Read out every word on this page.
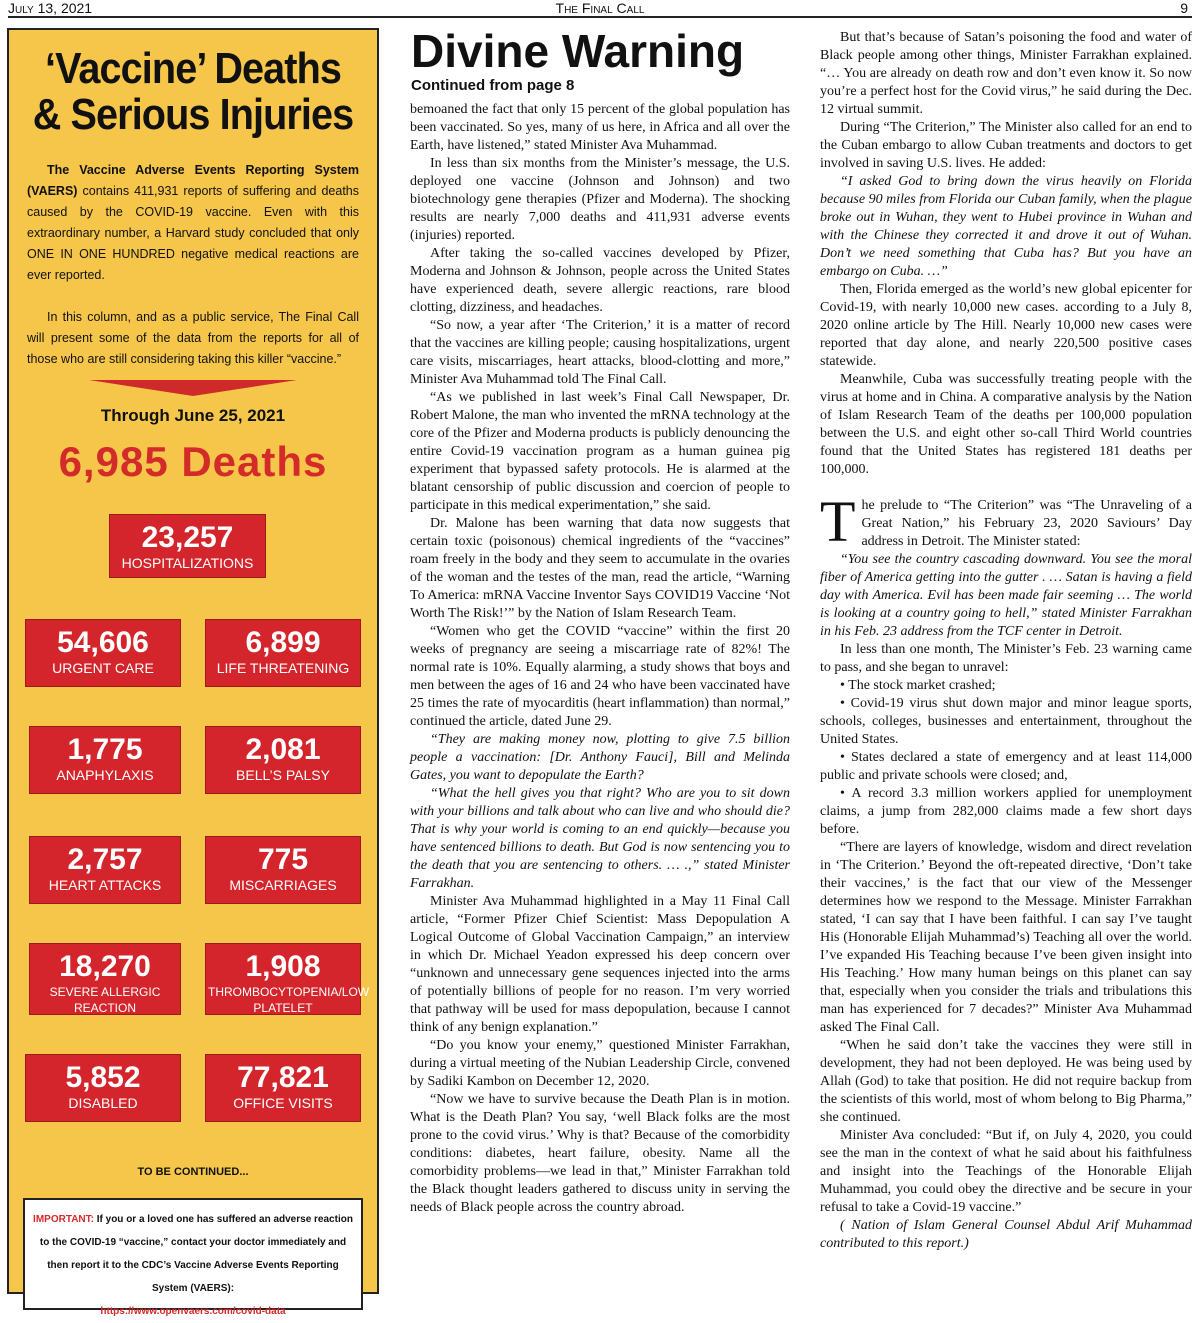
July 13, 2021	The Final Call	9
‘Vaccine’ Deaths
& Serious Injuries

The Vaccine Adverse Events Reporting System (VAERS) contains 411,931 reports of suffering and deaths caused by the COVID-19 vaccine. Even with this extraordinary number, a Harvard study concluded that only ONE IN ONE HUNDRED negative medical reactions are ever reported.

In this column, and as a public service, The Final Call will present some of the data from the reports for all of those who are still considering taking this killer “vaccine.”

Through June 25, 2021
6,985 Deaths
23,257
HOSPITALIZATIONS
54,606
URGENT CARE
6,899
LIFE THREATENING
1,775
ANAPHYLAXIS
2,081
BELL’S PALSY
2,757
HEART ATTACKS
775
MISCARRIAGES
18,270
SEVERE ALLERGIC REACTION
1,908
THROMBOCYTOPENIA/LOW PLATELET
5,852
DISABLED
77,821
OFFICE VISITS
TO BE CONTINUED...
IMPORTANT: If you or a loved one has suffered an adverse reaction to the COVID-19 “vaccine,” contact your doctor immediately and then report it to the CDC’s Vaccine Adverse Events Reporting System (VAERS):
https://www.openvaers.com/covid-data
Divine Warning
Continued from page 8

bemoaned the fact that only 15 percent of the global population has been vaccinated. So yes, many of us here, in Africa and all over the Earth, have listened,” stated Minister Ava Muhammad.

In less than six months from the Minister’s message, the U.S. deployed one vaccine (Johnson and Johnson) and two biotechnology gene therapies (Pfizer and Moderna). The shocking results are nearly 7,000 deaths and 411,931 adverse events (injuries) reported.

After taking the so-called vaccines developed by Pfizer, Moderna and Johnson & Johnson, people across the United States have experienced death, severe allergic reactions, rare blood clotting, dizziness, and headaches.

“So now, a year after ‘The Criterion,’ it is a matter of record that the vaccines are killing people; causing hospitalizations, urgent care visits, miscarriages, heart attacks, blood-clotting and more,” Minister Ava Muhammad told The Final Call.

“As we published in last week’s Final Call Newspaper, Dr. Robert Malone, the man who invented the mRNA technology at the core of the Pfizer and Moderna products is publicly denouncing the entire Covid-19 vaccination program as a human guinea pig experiment that bypassed safety protocols. He is alarmed at the blatant censorship of public discussion and coercion of people to participate in this medical experimentation,” she said.

Dr. Malone has been warning that data now suggests that certain toxic (poisonous) chemical ingredients of the “vaccines” roam freely in the body and they seem to accumulate in the ovaries of the woman and the testes of the man, read the article, “Warning To America: mRNA Vaccine Inventor Says COVID19 Vaccine ‘Not Worth The Risk!’” by the Nation of Islam Research Team.

“Women who get the COVID “vaccine” within the first 20 weeks of pregnancy are seeing a miscarriage rate of 82%! The normal rate is 10%. Equally alarming, a study shows that boys and men between the ages of 16 and 24 who have been vaccinated have 25 times the rate of myocarditis (heart inflammation) than normal,” continued the article, dated June 29.

“They are making money now, plotting to give 7.5 billion people a vaccination: [Dr. Anthony Fauci], Bill and Melinda Gates, you want to depopulate the Earth?

“What the hell gives you that right? Who are you to sit down with your billions and talk about who can live and who should die? That is why your world is coming to an end quickly—because you have sentenced billions to death. But God is now sentencing you to the death that you are sentencing to others. … .,” stated Minister Farrakhan.

Minister Ava Muhammad highlighted in a May 11 Final Call article, “Former Pfizer Chief Scientist: Mass Depopulation A Logical Outcome of Global Vaccination Campaign,” an interview in which Dr. Michael Yeadon expressed his deep concern over “unknown and unnecessary gene sequences injected into the arms of potentially billions of people for no reason. I’m very worried that pathway will be used for mass depopulation, because I cannot think of any benign explanation.”

“Do you know your enemy,” questioned Minister Farrakhan, during a virtual meeting of the Nubian Leadership Circle, convened by Sadiki Kambon on December 12, 2020.

“Now we have to survive because the Death Plan is in motion. What is the Death Plan? You say, ‘well Black folks are the most prone to the covid virus.’ Why is that? Because of the comorbidity conditions: diabetes, heart failure, obesity. Name all the comorbidity problems—we lead in that,” Minister Farrakhan told the Black thought leaders gathered to discuss unity in serving the needs of Black people across the country abroad.

But that’s because of Satan’s poisoning the food and water of Black people among other things, Minister Farrakhan explained. “… You are already on death row and don’t even know it. So now you’re a perfect host for the Covid virus,” he said during the Dec. 12 virtual summit.

During “The Criterion,” The Minister also called for an end to the Cuban embargo to allow Cuban treatments and doctors to get involved in saving U.S. lives. He added:

“I asked God to bring down the virus heavily on Florida because 90 miles from Florida our Cuban family, when the plague broke out in Wuhan, they went to Hubei province in Wuhan and with the Chinese they corrected it and drove it out of Wuhan. Don’t we need something that Cuba has? But you have an embargo on Cuba. …”

Then, Florida emerged as the world’s new global epicenter for Covid-19, with nearly 10,000 new cases. according to a July 8, 2020 online article by The Hill. Nearly 10,000 new cases were reported that day alone, and nearly 220,500 positive cases statewide.

Meanwhile, Cuba was successfully treating people with the virus at home and in China. A comparative analysis by the Nation of Islam Research Team of the deaths per 100,000 population between the U.S. and eight other so-call Third World countries found that the United States has registered 181 deaths per 100,000.

The prelude to “The Criterion” was “The Unraveling of a Great Nation,” his February 23, 2020 Saviours’ Day address in Detroit. The Minister stated:

“You see the country cascading downward. You see the moral fiber of America getting into the gutter . … Satan is having a field day with America. Evil has been made fair seeming … The world is looking at a country going to hell,” stated Minister Farrakhan in his Feb. 23 address from the TCF center in Detroit.

In less than one month, The Minister’s Feb. 23 warning came to pass, and she began to unravel:

• The stock market crashed;

• Covid-19 virus shut down major and minor league sports, schools, colleges, businesses and entertainment, throughout the United States.

• States declared a state of emergency and at least 114,000 public and private schools were closed; and,

• A record 3.3 million workers applied for unemployment claims, a jump from 282,000 claims made a few short days before.

“There are layers of knowledge, wisdom and direct revelation in ‘The Criterion.’ Beyond the oft-repeated directive, ‘Don’t take their vaccines,’ is the fact that our view of the Messenger determines how we respond to the Message. Minister Farrakhan stated, ‘I can say that I have been faithful. I can say I’ve taught His (Honorable Elijah Muhammad’s) Teaching all over the world. I’ve expanded His Teaching because I’ve been given insight into His Teaching.’ How many human beings on this planet can say that, especially when you consider the trials and tribulations this man has experienced for 7 decades?” Minister Ava Muhammad asked The Final Call.

“When he said don’t take the vaccines they were still in development, they had not been deployed. He was being used by Allah (God) to take that position. He did not require backup from the scientists of this world, most of whom belong to Big Pharma,” she continued.

Minister Ava concluded: “But if, on July 4, 2020, you could see the man in the context of what he said about his faithfulness and insight into the Teachings of the Honorable Elijah Muhammad, you could obey the directive and be secure in your refusal to take a Covid-19 vaccine.”

( Nation of Islam General Counsel Abdul Arif Muhammad contributed to this report.)
